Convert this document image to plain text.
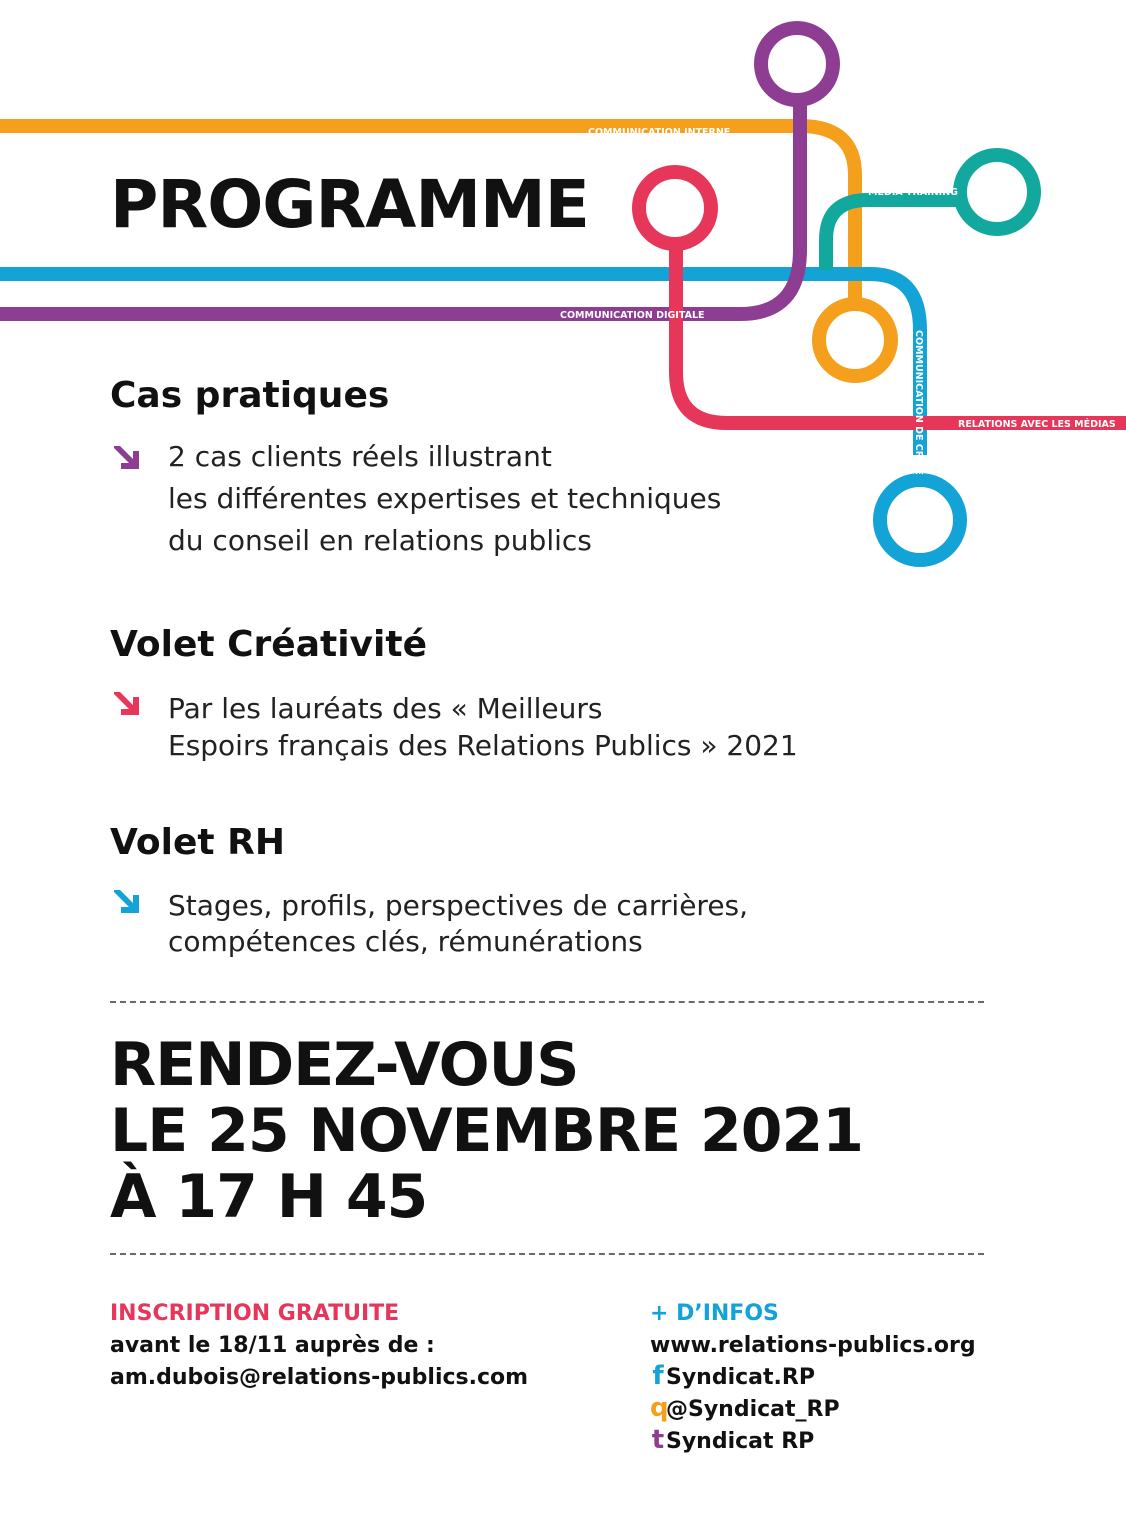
COMMUNICATION INTERNE
MEDIA TRAINING
COMMUNICATION DIGITALE
RELATIONS AVEC LES MÉDIAS
COMMUNICATION DE CRISE
PROGRAMME
Cas pratiques

2 cas clients réels illustrant
les différentes expertises et techniques
du conseil en relations publics

Volet Créativité

Par les lauréats des « Meilleurs
Espoirs français des Relations Publics » 2021

Volet RH

Stages, profils, perspectives de carrières,
compétences clés, rémunérations

RENDEZ-VOUS
LE 25 NOVEMBRE 2021
À 17 H 45
INSCRIPTION GRATUITE
avant le 18/11 auprès de :
am.dubois@relations-publics.com
+ D’INFOS
www.relations-publics.org
f Syndicat.RP
q@Syndicat_RP
tSyndicat RP
